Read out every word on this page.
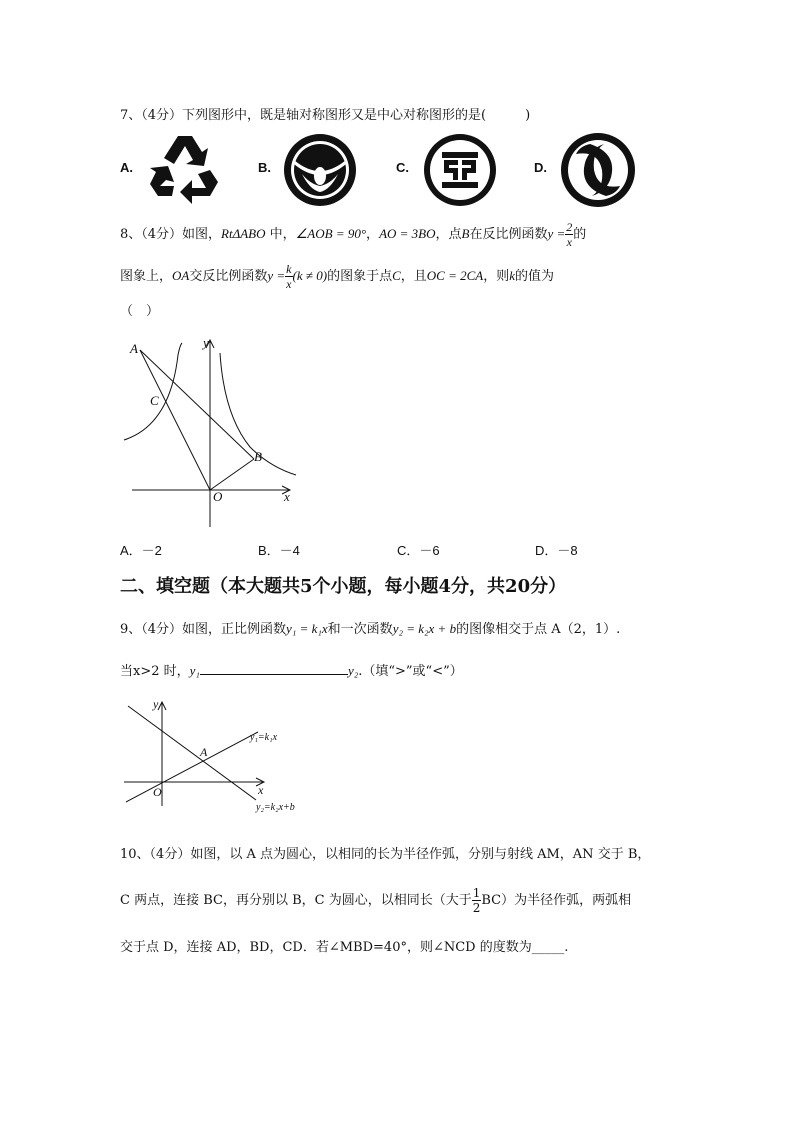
7、（4分）下列图形中，既是轴对称图形又是中心对称图形的是(　　　)
A.	B.	C.	D.
8、（4分）如图，RtΔABO 中，∠AOB = 90°，AO = 3BO，点B在反比例函数$y = \frac{2}{x}$ 的
图象上，OA交反比例函数$y = \frac{k}{x} (k \ne 0)$的图象于点C，且OC = 2CA，则k的值为
（　）
A
C
B
y
O	x
A．－2	B．－4	C．－6	D．－8
二、填空题（本大题共5个小题，每小题4分，共20分）
9、（4分）如图，正比例函数y₁ = k₁x和一次函数y₂ = k₂x + b的图像相交于点 A（2，1）.
当x>2 时，y₁	y₂.（填“>”或“<”）
y
A
O	x
y₁=k₁x
y₂=k₂x+b
10、（4分）如图，以 A 点为圆心，以相同的长为半径作弧，分别与射线 AM，AN 交于 B，
C 两点，连接 BC，再分别以 B，C 为圆心，以相同长（大于 $\frac{1}{2} BC$）为半径作弧，两弧相
交于点 D，连接 AD，BD，CD．若∠MBD=40°，则∠NCD 的度数为_____.
